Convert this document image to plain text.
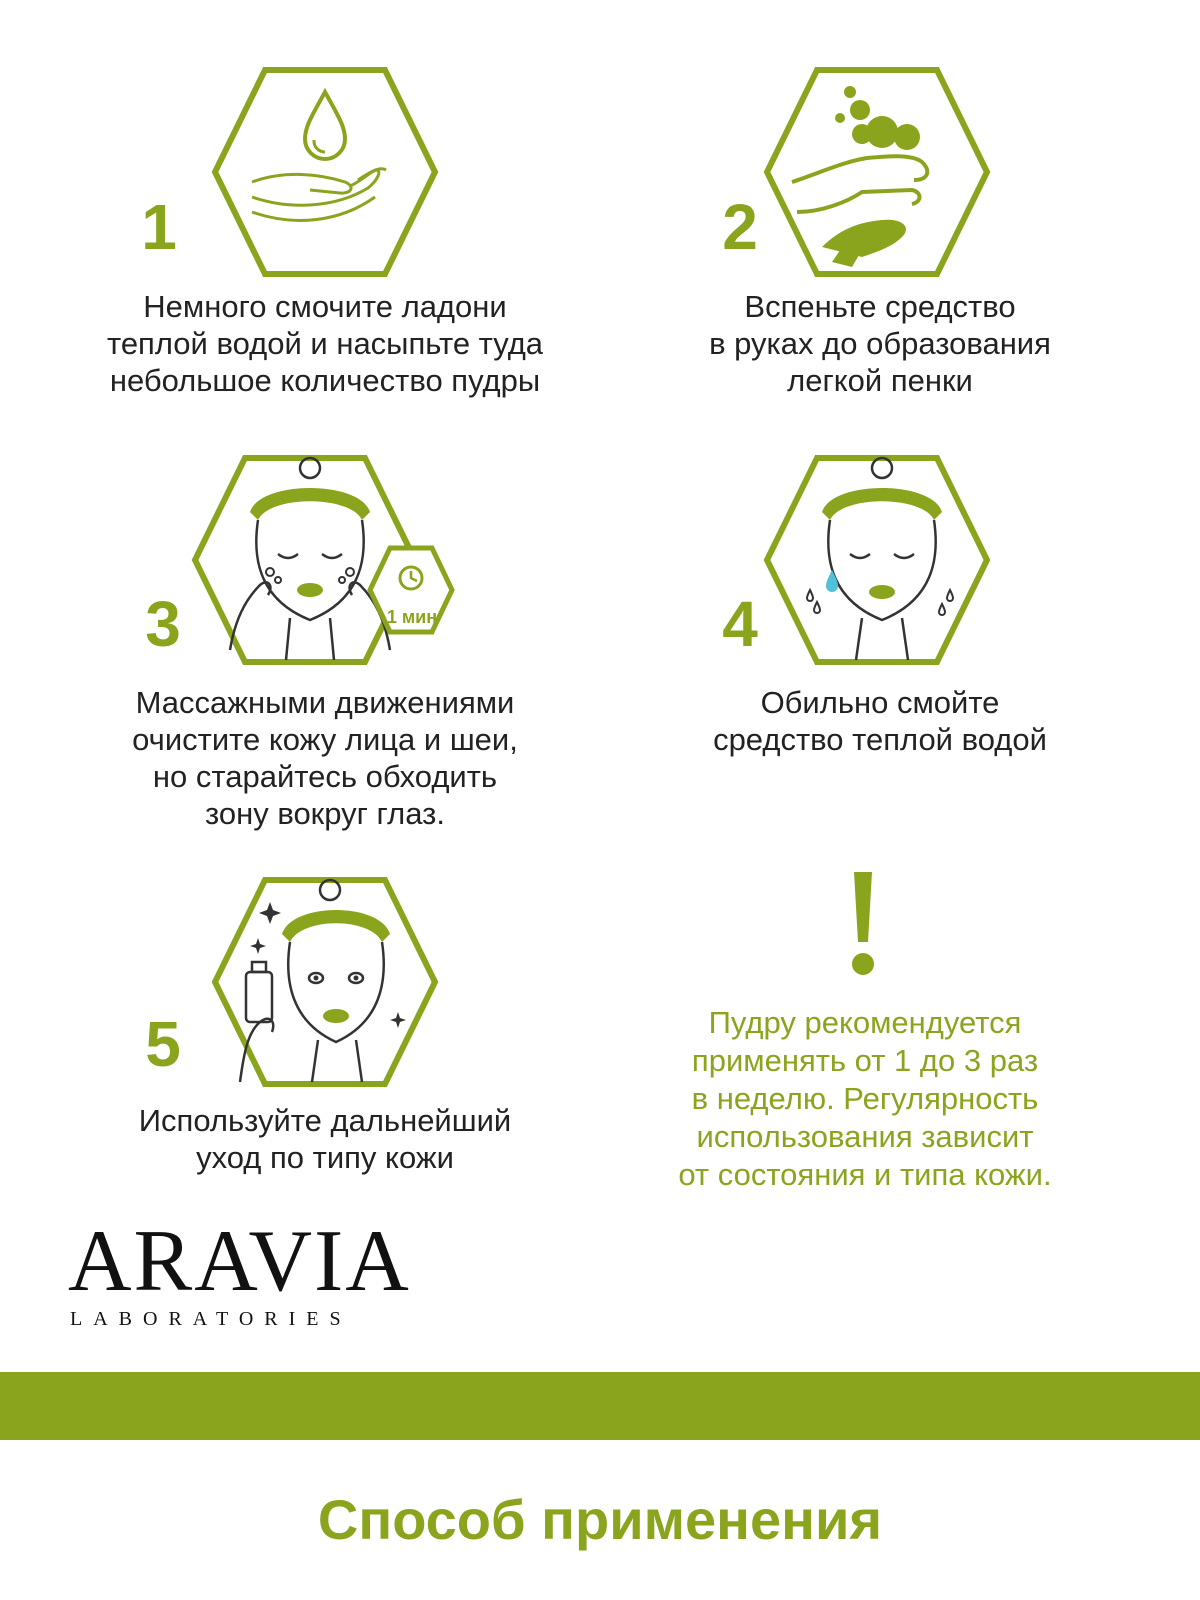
1
Немного смочите ладони
теплой водой и насыпьте туда
небольшое количество пудры
2
Вспеньте средство
в руках до образования
легкой пенки
1 мин
3
Массажными движениями
очистите кожу лица и шеи,
но старайтесь обходить
зону вокруг глаз.
4
Обильно смойте
средство теплой водой
5
Используйте дальнейший
уход по типу кожи
Пудру рекомендуется
применять от 1 до 3 раз
в неделю. Регулярность
использования зависит
от состояния и типа кожи.
ARAVIA
LABORATORIES
Способ применения
